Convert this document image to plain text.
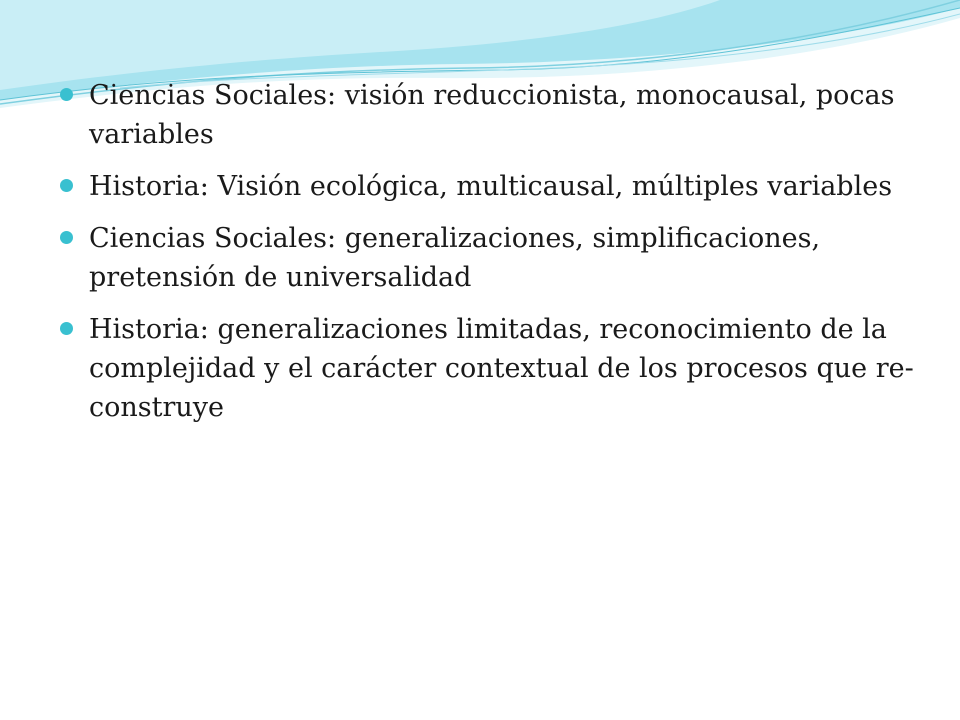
Ciencias Sociales: visión reduccionista, monocausal, pocas variables
Historia: Visión ecológica, multicausal, múltiples variables
Ciencias Sociales: generalizaciones, simplificaciones, pretensión de universalidad
Historia: generalizaciones limitadas, reconocimiento de la complejidad y el carácter contextual de los procesos que re-construye
